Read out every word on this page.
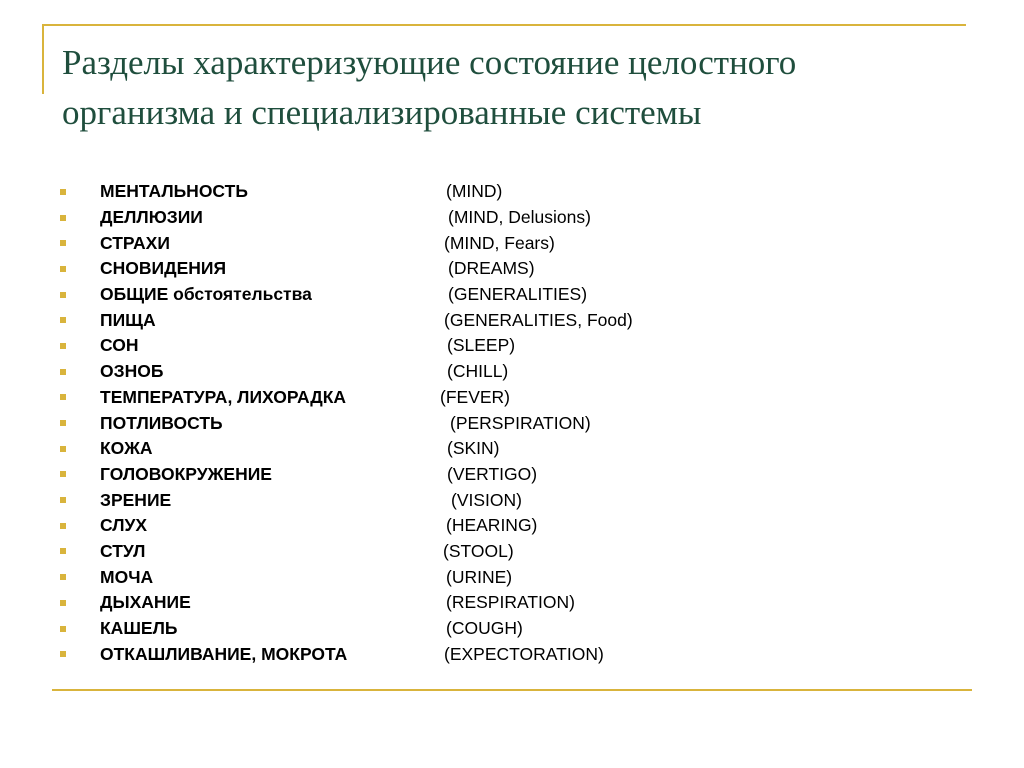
Разделы характеризующие состояние целостного организма и специализированные системы
МЕНТАЛЬНОСТЬ	(MIND)
ДЕЛЛЮЗИИ	(MIND, Delusions)
СТРАХИ	(MIND, Fears)
СНОВИДЕНИЯ	(DREAMS)
ОБЩИЕ обстоятельства	(GENERALITIES)
ПИЩА	(GENERALITIES, Food)
СОН	(SLEEP)
ОЗНОБ	(CHILL)
ТЕМПЕРАТУРА, ЛИХОРАДКА	(FEVER)
ПОТЛИВОСТЬ	(PERSPIRATION)
КОЖА	(SKIN)
ГОЛОВОКРУЖЕНИЕ	(VERTIGO)
ЗРЕНИЕ	(VISION)
СЛУХ	(HEARING)
СТУЛ	(STOOL)
МОЧА	(URINE)
ДЫХАНИЕ	(RESPIRATION)
КАШЕЛЬ	(COUGH)
ОТКАШЛИВАНИЕ, МОКРОТА	(EXPECTORATION)
